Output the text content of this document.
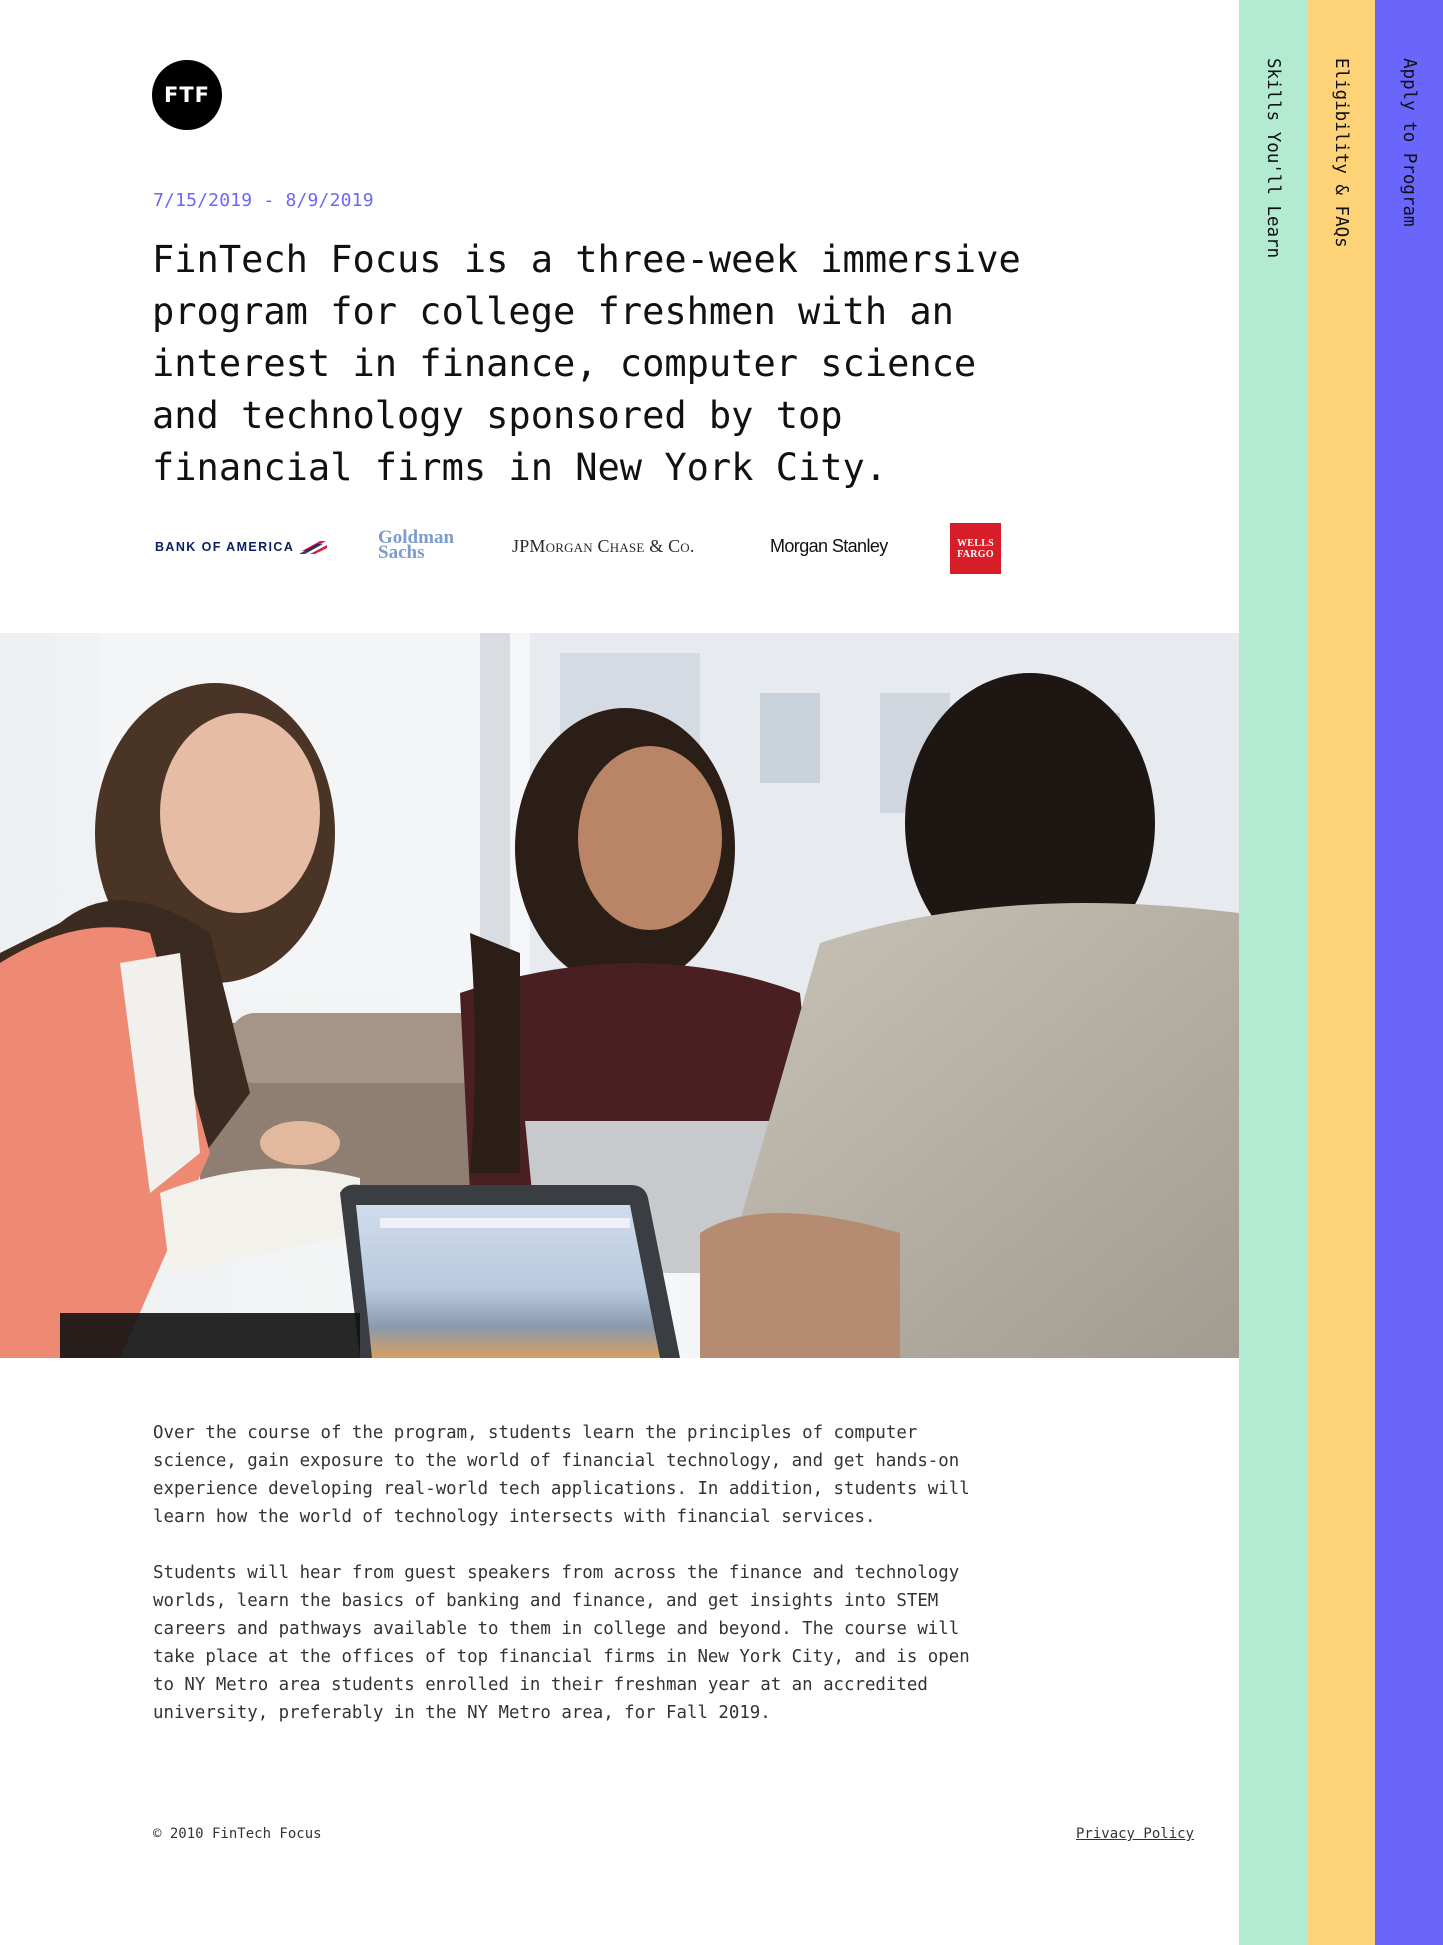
FTF
7/15/2019 - 8/9/2019
FinTech Focus is a three-week immersive program for college freshmen with an interest in finance, computer science and technology sponsored by top financial firms in New York City.
BANK OF AMERICA	Goldman
Sachs	JPMorgan Chase & Co.	Morgan Stanley	WELLS
FARGO

Over the course of the program, students learn the principles of computer
science, gain exposure to the world of financial technology, and get hands-on
experience developing real-world tech applications. In addition, students will
learn how the world of technology intersects with financial services.

Students will hear from guest speakers from across the finance and technology
worlds, learn the basics of banking and finance, and get insights into STEM
careers and pathways available to them in college and beyond. The course will
take place at the offices of top financial firms in New York City, and is open
to NY Metro area students enrolled in their freshman year at an accredited
university, preferably in the NY Metro area, for Fall 2019.

© 2010 FinTech Focus	Privacy Policy
Skills You'll Learn	Eligibility & FAQs	Apply to Program
